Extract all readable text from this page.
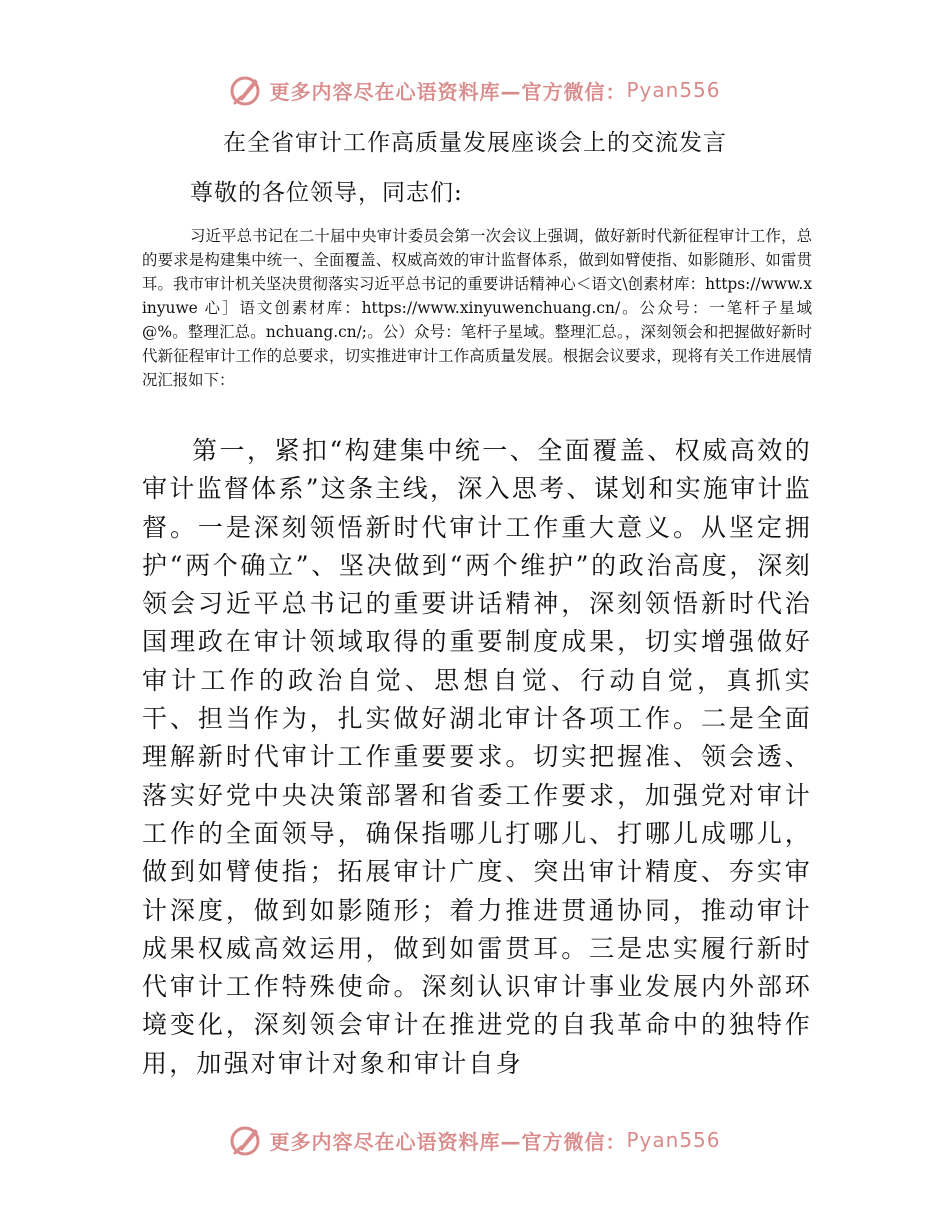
更多内容尽在心语资料库—官方微信： Pyan556
在全省审计工作高质量发展座谈会上的交流发言
尊敬的各位领导，同志们:
习近平总书记在二十届中央审计委员会第一次会议上强调，做好新时代新征程审计工作，总的要求是构建集中统一、全面覆盖、权威高效的审计监督体系，做到如臂使指、如影随形、如雷贯耳。我市审计机关坚决贯彻落实习近平总书记的重要讲话精神心＜语文\创素材库：https://www.xinyuwe 心］语文创素材库：https://www.xinyuwenchuang.cn/。公众号：一笔杆子星域@%。整理汇总。nchuang.cn/;。公）众号：笔杆子星域。整理汇总。，深刻领会和把握做好新时代新征程审计工作的总要求，切实推进审计工作高质量发展。根据会议要求，现将有关工作进展情况汇报如下：
第一，紧扣“构建集中统一、全面覆盖、权威高效的审计监督体系”这条主线，深入思考、谋划和实施审计监督。一是深刻领悟新时代审计工作重大意义。从坚定拥护“两个确立”、坚决做到“两个维护”的政治高度，深刻领会习近平总书记的重要讲话精神，深刻领悟新时代治国理政在审计领域取得的重要制度成果，切实增强做好审计工作的政治自觉、思想自觉、行动自觉，真抓实干、担当作为，扎实做好湖北审计各项工作。二是全面理解新时代审计工作重要要求。切实把握准、领会透、落实好党中央决策部署和省委工作要求，加强党对审计工作的全面领导，确保指哪儿打哪儿、打哪儿成哪儿，做到如臂使指；拓展审计广度、突出审计精度、夯实审计深度，做到如影随形；着力推进贯通协同，推动审计成果权威高效运用，做到如雷贯耳。三是忠实履行新时代审计工作特殊使命。深刻认识审计事业发展内外部环境变化，深刻领会审计在推进党的自我革命中的独特作用，加强对审计对象和审计自身
更多内容尽在心语资料库—官方微信： Pyan556
